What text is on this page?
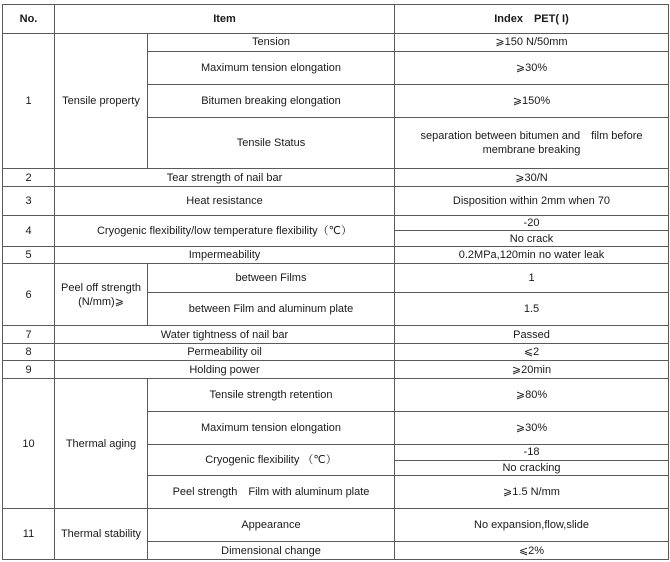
No.	Item		Index　PET( I)
1	Tensile property	Tension	⩾150 N/50mm
		Maximum tension elongation	⩾30%
		Bitumen breaking elongation	⩾150%
		Tensile Status	separation between bitumen and　film before membrane breaking
2	Tear strength of nail bar		⩾30/N
3	Heat resistance		Disposition within 2mm when 70
4	Cryogenic flexibility/low temperature flexibility（℃）		-20
			No crack
5	Impermeability		0.2MPa,120min no water leak
6	Peel off strength (N/mm)⩾	between Films	1
		between Film and aluminum plate	1.5
7	Water tightness of nail bar		Passed
8	Permeability oil		⩽2
9	Holding power		⩾20min
10	Thermal aging	Tensile strength retention	⩾80%
		Maximum tension elongation	⩾30%
		Cryogenic flexibility （℃）	-18
			No cracking
		Peel strength　Film with aluminum plate	⩾1.5 N/mm
11	Thermal stability	Appearance	No expansion,flow,slide
		Dimensional change	⩽2%
